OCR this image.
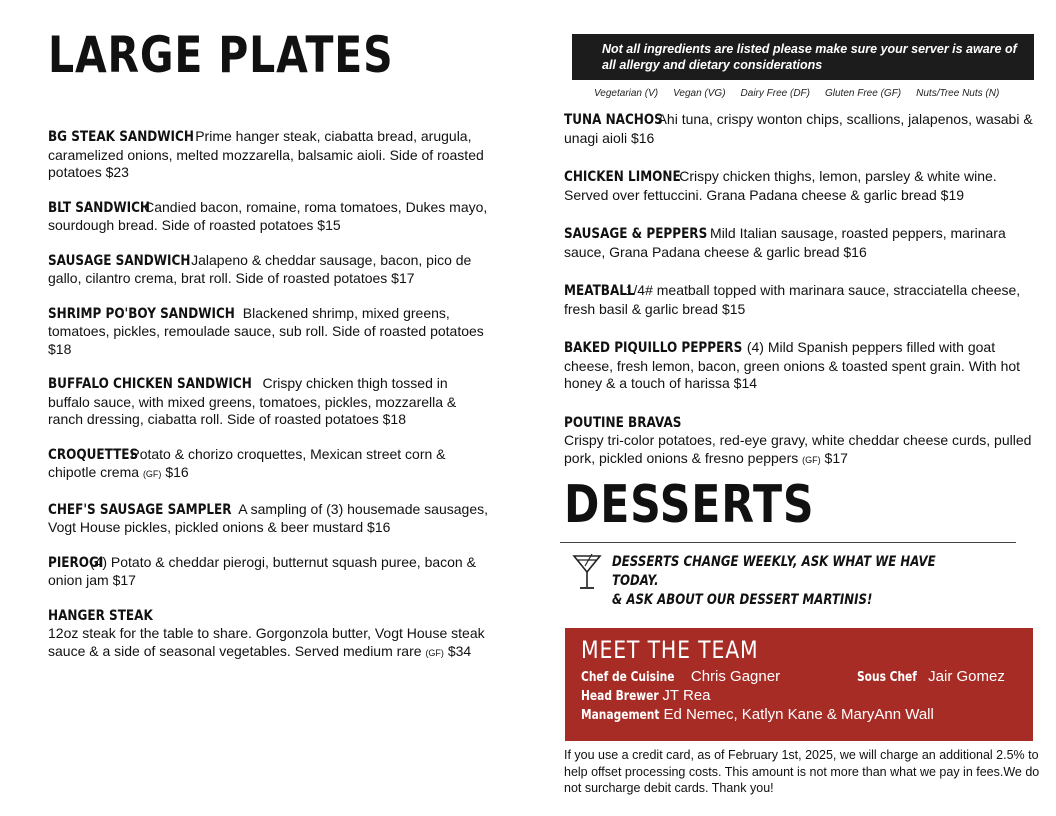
LARGE PLATES
BG STEAK SANDWICH Prime hanger steak, ciabatta bread, arugula, caramelized onions, melted mozzarella, balsamic aioli. Side of roasted potatoes $23
BLT SANDWICH Candied bacon, romaine, roma tomatoes, Dukes mayo, sourdough bread. Side of roasted potatoes $15
SAUSAGE SANDWICH Jalapeno & cheddar sausage, bacon, pico de gallo, cilantro crema, brat roll. Side of roasted potatoes $17
SHRIMP PO'BOY SANDWICH Blackened shrimp, mixed greens, tomatoes, pickles, remoulade sauce, sub roll. Side of roasted potatoes $18
BUFFALO CHICKEN SANDWICH Crispy chicken thigh tossed in buffalo sauce, with mixed greens, tomatoes, pickles, mozzarella & ranch dressing, ciabatta roll. Side of roasted potatoes $18
CROQUETTES Potato & chorizo croquettes, Mexican street corn & chipotle crema (GF) $16
CHEF'S SAUSAGE SAMPLER A sampling of (3) housemade sausages, Vogt House pickles, pickled onions & beer mustard $16
PIEROGI (4) Potato & cheddar pierogi, butternut squash puree, bacon & onion jam $17
HANGER STEAK
12oz steak for the table to share. Gorgonzola butter, Vogt House steak sauce & a side of seasonal vegetables. Served medium rare (GF) $34
Not all ingredients are listed please make sure your server is aware of all allergy and dietary considerations
Vegetarian (V) Vegan (VG) Dairy Free (DF) Gluten Free (GF) Nuts/Tree Nuts (N)
TUNA NACHOS  Ahi tuna, crispy wonton chips, scallions, jalapenos, wasabi & unagi aioli $16
CHICKEN LIMONE  Crispy chicken thighs, lemon, parsley & white wine. Served over fettuccini. Grana Padana cheese & garlic bread $19
SAUSAGE & PEPPERS Mild Italian sausage, roasted peppers, marinara sauce, Grana Padana cheese & garlic bread $16
MEATBALL  1/4# meatball topped with marinara sauce, stracciatella cheese, fresh basil & garlic bread $15
BAKED PIQUILLO PEPPERS (4) Mild Spanish peppers filled with goat cheese, fresh lemon, bacon, green onions & toasted spent grain. With hot honey & a touch of harissa $14
POUTINE BRAVAS
Crispy tri-color potatoes, red-eye gravy, white cheddar cheese curds, pulled pork, pickled onions & fresno peppers (GF) $17
DESSERTS
DESSERTS CHANGE WEEKLY, ASK WHAT WE HAVE TODAY.
& ASK ABOUT OUR DESSERT MARTINIS!
MEET THE TEAM
Chef de Cuisine Chris Gagner	Sous Chef Jair Gomez
Head Brewer JT Rea
Management Ed Nemec, Katlyn Kane & MaryAnn Wall
If you use a credit card, as of February 1st, 2025, we will charge an additional 2.5% to help offset processing costs. This amount is not more than what we pay in fees.We do not surcharge debit cards. Thank you!
